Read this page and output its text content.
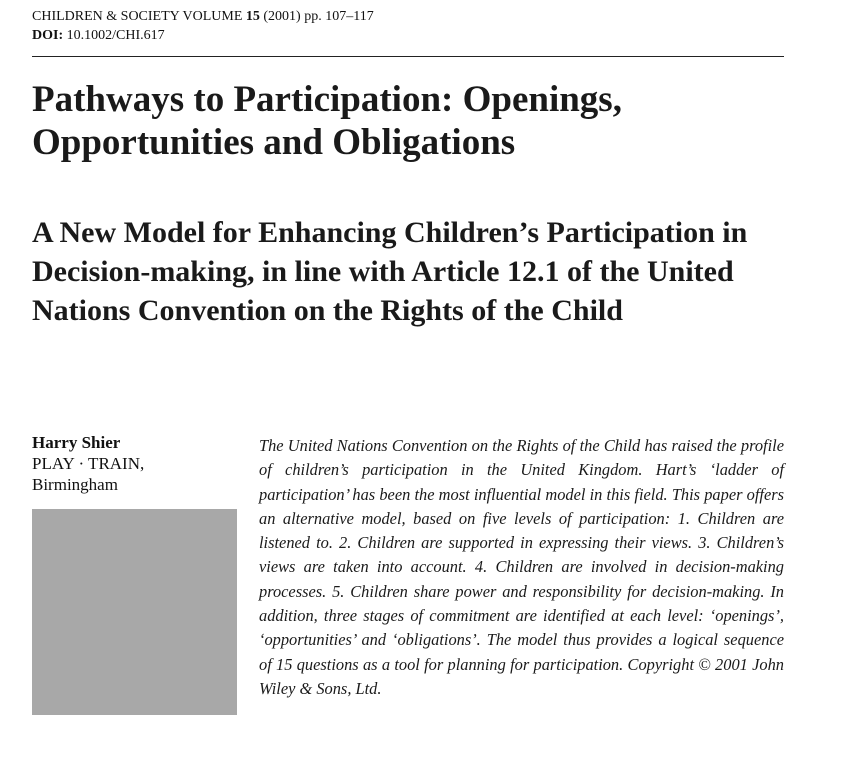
CHILDREN & SOCIETY VOLUME 15 (2001) pp. 107–117
DOI: 10.1002/CHI.617
Pathways to Participation: Openings, Opportunities and Obligations
A New Model for Enhancing Children’s Participation in Decision-making, in line with Article 12.1 of the United Nations Convention on the Rights of the Child
Harry Shier
PLAY · TRAIN,
Birmingham

The United Nations Convention on the Rights of the Child has raised the profile of children’s participation in the United Kingdom. Hart’s ‘ladder of participation’ has been the most influential model in this field. This paper offers an alternative model, based on five levels of participation: 1. Children are listened to. 2. Children are supported in expressing their views. 3. Children’s views are taken into account. 4. Children are involved in decision-making processes. 5. Children share power and responsibility for decision-making. In addition, three stages of commitment are identified at each level: ‘openings’, ‘opportunities’ and ‘obligations’. The model thus provides a logical sequence of 15 questions as a tool for planning for participation. Copyright © 2001 John Wiley & Sons, Ltd.
